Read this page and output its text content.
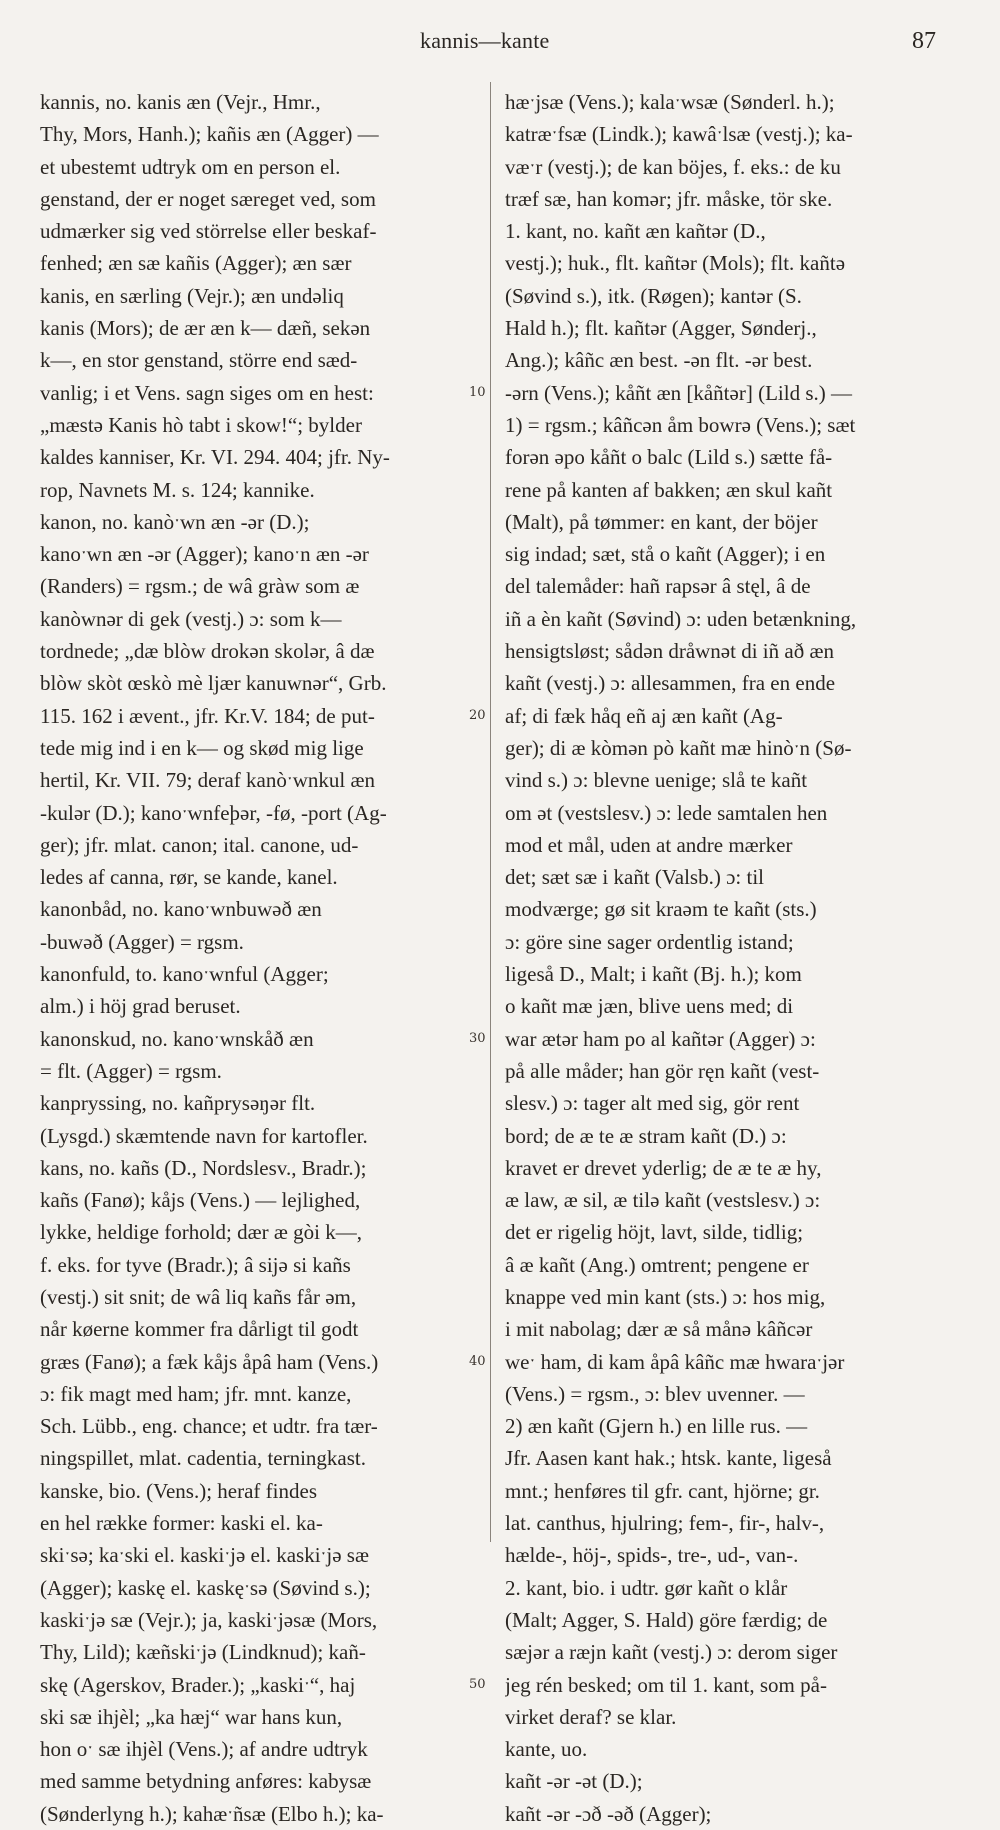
kannis—kante	87
kannis, no. kanis æn (Vejr., Hmr.,
Thy, Mors, Hanh.); kañis æn (Agger) —
et ubestemt udtryk om en person el.
genstand, der er noget særeget ved, som
udmærker sig ved störrelse eller beskaf-
fenhed; æn sæ kañis (Agger); æn sær
kanis, en særling (Vejr.); æn undəliq
kanis (Mors); de ær æn k— dæñ, sekən
k—, en stor genstand, större end sæd-
vanlig; i et Vens. sagn siges om en hest:
„mæstə Kanis hò tabt i skow!“; bylder
kaldes kanniser, Kr. VI. 294. 404; jfr. Ny-
rop, Navnets M. s. 124; kannike.
kanon, no. kanòˑwn æn -ər (D.);
kanoˑwn æn -ər (Agger); kanoˑn æn -ər
(Randers) = rgsm.; de wâ gràw som æ
kanòwnər di gek (vestj.) ɔ: som k—
tordnede; „dæ blòw drokən skolər, â dæ
blòw skòt œskò mè ljær kanuwnər“, Grb.
115. 162 i ævent., jfr. Kr.V. 184; de put-
tede mig ind i en k— og skød mig lige
hertil, Kr. VII. 79; deraf kanòˑwnkul æn
-kulər (D.); kanoˑwnfeþər, -fø, -port (Ag-
ger); jfr. mlat. canon; ital. canone, ud-
ledes af canna, rør, se kande, kanel.
kanonbåd, no. kanoˑwnbuwəð æn
-buwəð (Agger) = rgsm.
kanonfuld, to. kanoˑwnful (Agger;
alm.) i höj grad beruset.
kanonskud, no. kanoˑwnskåð æn
= flt. (Agger) = rgsm.
kanpryssing, no. kañprysəŋər flt.
(Lysgd.) skæmtende navn for kartofler.
kans, no. kañs (D., Nordslesv., Bradr.);
kañs (Fanø); kåjs (Vens.) — lejlighed,
lykke, heldige forhold; dær æ gòi k—,
f. eks. for tyve (Bradr.); â sijə si kañs
(vestj.) sit snit; de wâ liq kañs får əm,
når køerne kommer fra dårligt til godt
græs (Fanø); a fæk kåjs åpâ ham (Vens.)
ɔ: fik magt med ham; jfr. mnt. kanze,
Sch. Lübb., eng. chance; et udtr. fra tær-
ningspillet, mlat. cadentia, terningkast.
kanske, bio. (Vens.); heraf findes
en hel række former: kaski el. ka-
skiˑsə; kaˑski el. kaskiˑjə el. kaskiˑjə sæ
(Agger); kaskę el. kaskęˑsə (Søvind s.);
kaskiˑjə sæ (Vejr.); ja, kaskiˑjəsæ (Mors,
Thy, Lild); kæñskiˑjə (Lindknud); kañ-
skę (Agerskov, Brader.); „kaskiˑ“, haj
ski sæ ihjèl; „ka hæj“ war hans kun,
hon oˑ sæ ihjèl (Vens.); af andre udtryk
med samme betydning anføres: kabysæ
(Sønderlyng h.); kahæˑñsæ (Elbo h.); ka-
10
20
30
40
50
hæˑjsæ (Vens.); kalaˑwsæ (Sønderl. h.);
katræˑfsæ (Lindk.); kawâˑlsæ (vestj.); ka-
væˑr (vestj.); de kan böjes, f. eks.: de ku
træf sæ, han komər; jfr. måske, tör ske.
1. kant, no. kañt æn kañtər (D.,
vestj.); huk., flt. kañtər (Mols); flt. kañtə
(Søvind s.), itk. (Røgen); kantər (S.
Hald h.); flt. kañtər (Agger, Sønderj.,
Ang.); kâñc æn best. -ən flt. -ər best.
-ərn (Vens.); kåñt æn [kåñtər] (Lild s.) —
1) = rgsm.; kâñcən åm bowrə (Vens.); sæt
forən əpo kåñt o balc (Lild s.) sætte få-
rene på kanten af bakken; æn skul kañt
(Malt), på tømmer: en kant, der böjer
sig indad; sæt, stå o kañt (Agger); i en
del talemåder: hañ rapsər â stęl, â de
iñ a èn kañt (Søvind) ɔ: uden betænkning,
hensigtsløst; sådən dråwnət di iñ að æn
kañt (vestj.) ɔ: allesammen, fra en ende
af; di fæk håq eñ aj æn kañt (Ag-
ger); di æ kòmən pò kañt mæ hinòˑn (Sø-
vind s.) ɔ: blevne uenige; slå te kañt
om ət (vestslesv.) ɔ: lede samtalen hen
mod et mål, uden at andre mærker
det; sæt sæ i kañt (Valsb.) ɔ: til
modværge; gø sit kraəm te kañt (sts.)
ɔ: göre sine sager ordentlig istand;
ligeså D., Malt; i kañt (Bj. h.); kom
o kañt mæ jæn, blive uens med; di
war ætər ham po al kañtər (Agger) ɔ:
på alle måder; han gör ręn kañt (vest-
slesv.) ɔ: tager alt med sig, gör rent
bord; de æ te æ stram kañt (D.) ɔ:
kravet er drevet yderlig; de æ te æ hy,
æ law, æ sil, æ tilə kañt (vestslesv.) ɔ:
det er rigelig höjt, lavt, silde, tidlig;
â æ kañt (Ang.) omtrent; pengene er
knappe ved min kant (sts.) ɔ: hos mig,
i mit nabolag; dær æ så månə kâñcər
weˑ ham, di kam åpâ kâñc mæ hwaraˑjər
(Vens.) = rgsm., ɔ: blev uvenner. —
2) æn kañt (Gjern h.) en lille rus. —
Jfr. Aasen kant hak.; htsk. kante, ligeså
mnt.; henføres til gfr. cant, hjörne; gr.
lat. canthus, hjulring; fem-, fir-, halv-,
hælde-, höj-, spids-, tre-, ud-, van-.
2. kant, bio. i udtr. gør kañt o klår
(Malt; Agger, S. Hald) göre færdig; de
sæjər a ræjn kañt (vestj.) ɔ: derom siger
jeg rén besked; om til 1. kant, som på-
virket deraf? se klar.
kante, uo.
kañt -ər -ət (D.);
kañt -ər -ɔð -əð (Agger);
